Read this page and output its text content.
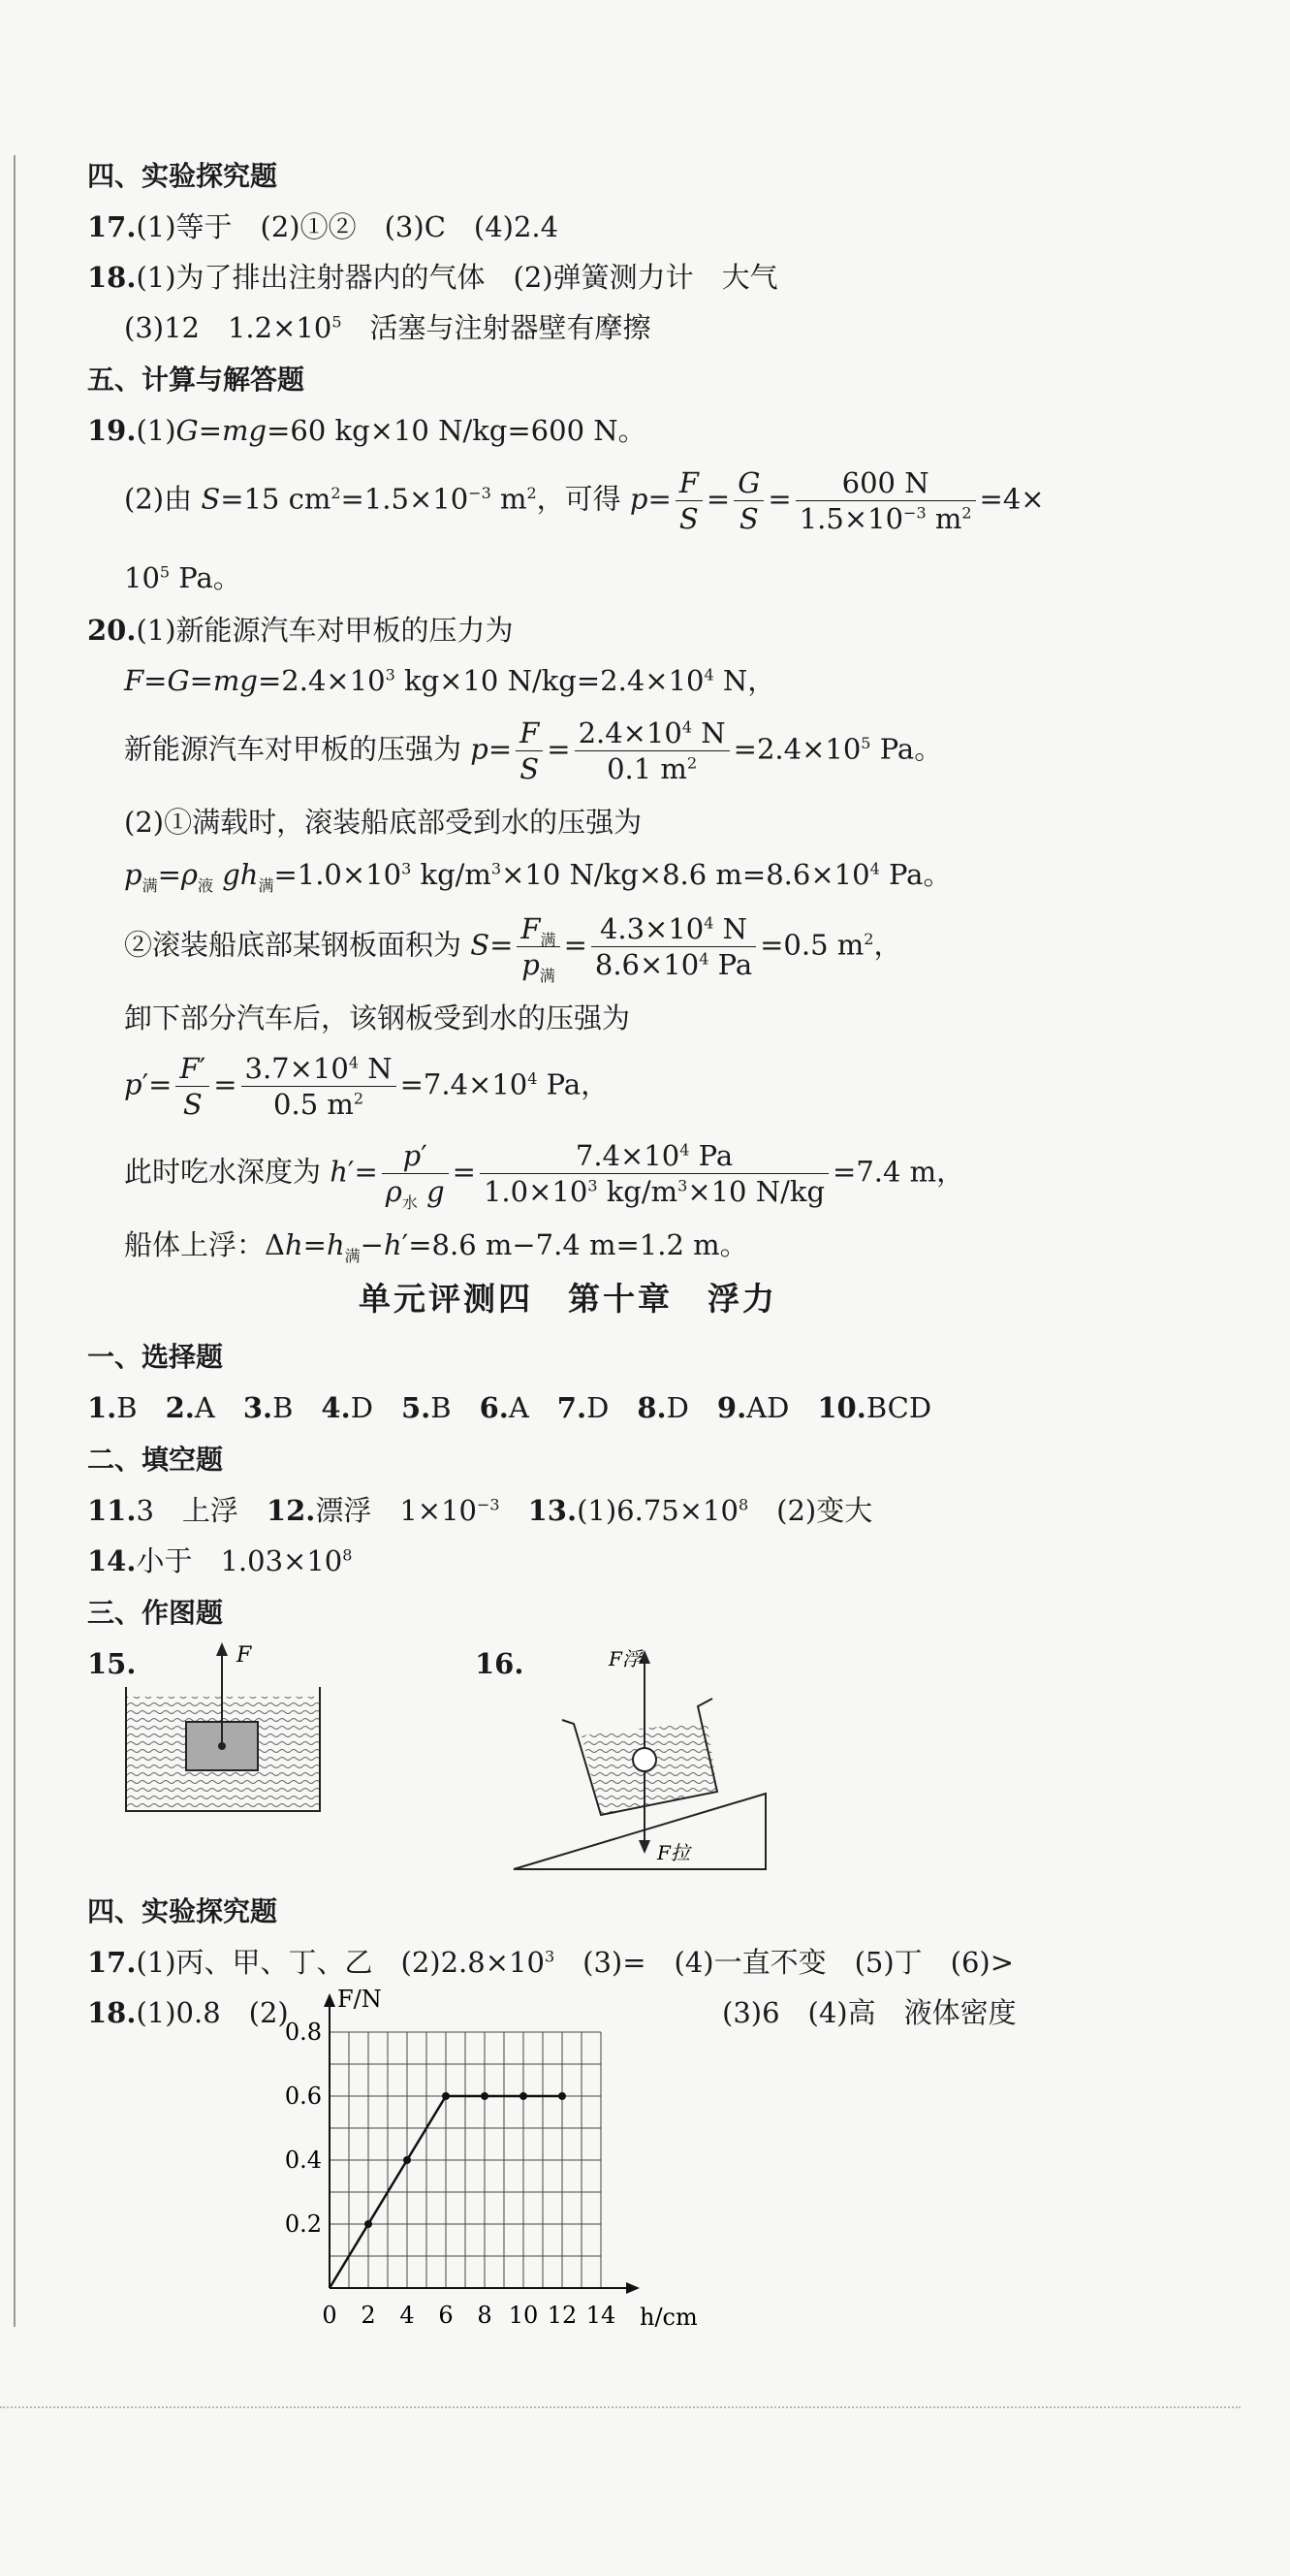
四、实验探究题
17.(1)等于　(2)①②　(3)C　(4)2.4
18.(1)为了排出注射器内的气体　(2)弹簧测力计　大气
(3)12　$1.2\times 10^5$　活塞与注射器壁有摩擦
五、计算与解答题
19.(1)G=mg=60 kg×10 N/kg=600 N。
(2)由 S=15 $cm^2=1.5\times 10^{-3}$ $m^2$，可得 $p= \frac{F}{S} = \frac{G}{S} = \frac{600 N}{1.5\times 10^{-3} m^2} =4\times$
$10^5$ Pa。
20.(1)新能源汽车对甲板的压力为
$F=G=mg=2.4\times 10^3$ kg×10 $N/kg=2.4\times 10^4$ N，
新能源汽车对甲板的压强为 $p= \frac{F}{S} = \frac{2.4\times 10^4 N}{0.1 m^2} =2.4\times 10^5$ Pa。
(2)①满载时，滚装船底部受到水的压强为
$p_满=\rho_液$ $gh_满=1.0\times 10^3$ $kg/m^3\times 10$ N/kg×8.6 $m=8.6\times 10^4$ Pa。
②滚装船底部某钢板面积为 $S= F_满$
$p_满$
= $\frac{4.3\times 10^4 N}{8.6\times 10^4 Pa} =0.5$ $m^2$，
卸下部分汽车后，该钢板受到水的压强为
$p'= \frac{F'}{S} = \frac{3.7\times 10^4 N}{0.5 m^2} =7.4\times 10^4$ Pa，
此时吃水深度为 h′= p′
$\rho_水$ g
= $\frac{7.4\times 10^4 Pa}{1.0\times 10^3 kg/m^3\times 10 N/kg} =7.4$ m，
船体上浮：$\Delta h=h_满-h'=8.6$ m−7.4 m=1.2 m。
单元评测四　第十章　浮力
一、选择题
1.B　2.A　3.B　4.D　5.B　6.A　7.D　8.D　9.AD　10.BCD
二、填空题
11.3　上浮　12.漂浮　$1\times 10^{-3}$　 $13.(1)6.75\times 10^8$　(2)变大
14.小于　$1.03\times 10^8$
三、作图题
15.	16.
F	F浮
F拉
四、实验探究题
17.(1)丙、甲、丁、乙　$(2)2.8\times 10^3$　(3)=　(4)一直不变　(5)丁　(6)>
18.(1)0.8　(2)	(3)6　(4)高　液体密度
F/N
h/cm
0 2 4 6 8 10 12 14
0.2
0.4
0.6
0.8
